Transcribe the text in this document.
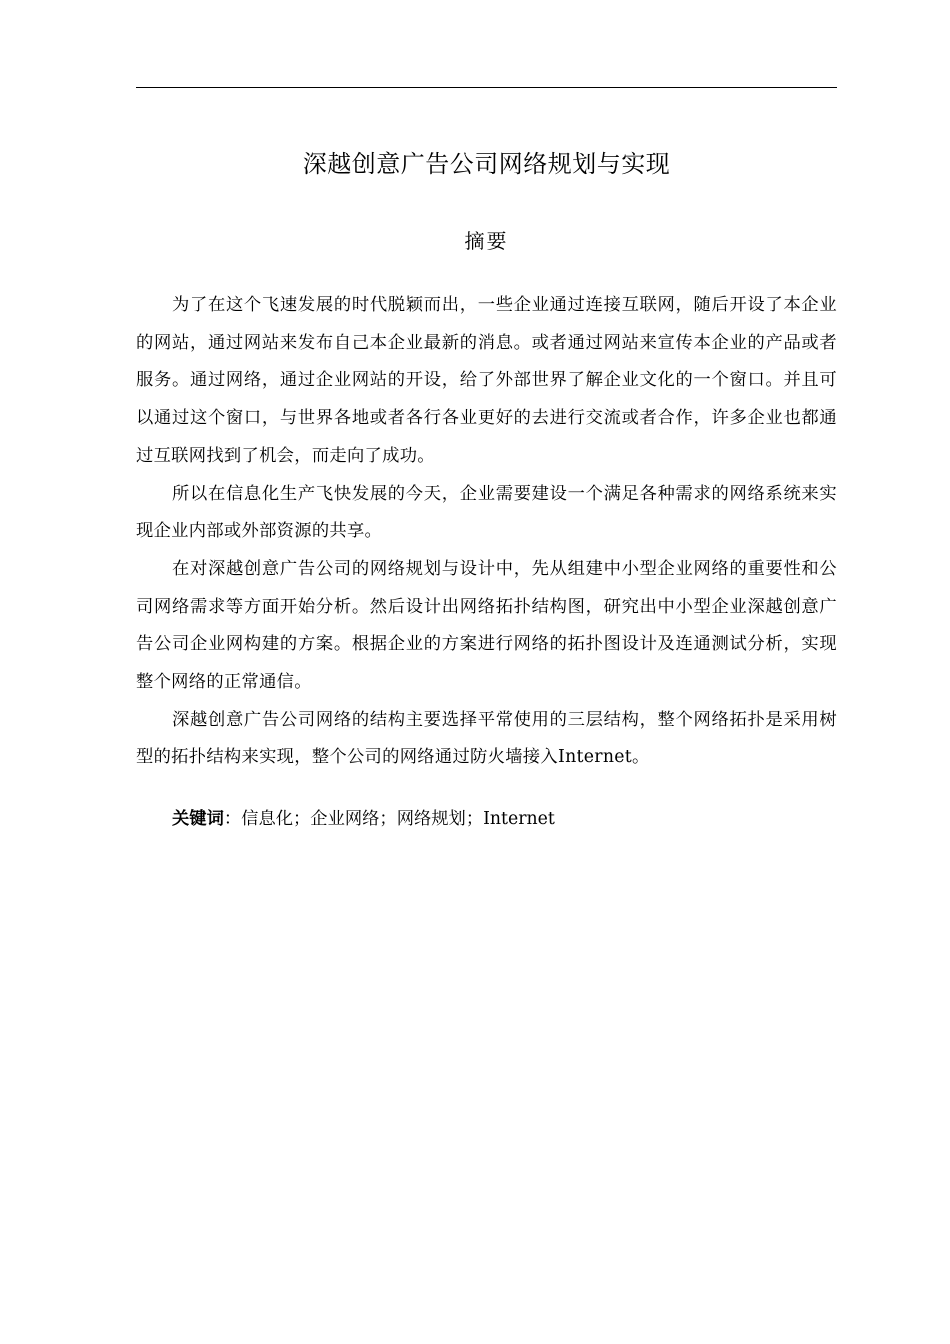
深越创意广告公司网络规划与实现
摘要

为了在这个飞速发展的时代脱颖而出，一些企业通过连接互联网，随后开设了本企业的网站，通过网站来发布自己本企业最新的消息。或者通过网站来宣传本企业的产品或者服务。通过网络，通过企业网站的开设，给了外部世界了解企业文化的一个窗口。并且可以通过这个窗口，与世界各地或者各行各业更好的去进行交流或者合作，许多企业也都通过互联网找到了机会，而走向了成功。

所以在信息化生产飞快发展的今天，企业需要建设一个满足各种需求的网络系统来实现企业内部或外部资源的共享。

在对深越创意广告公司的网络规划与设计中，先从组建中小型企业网络的重要性和公司网络需求等方面开始分析。然后设计出网络拓扑结构图，研究出中小型企业深越创意广告公司企业网构建的方案。根据企业的方案进行网络的拓扑图设计及连通测试分析，实现整个网络的正常通信。

深越创意广告公司网络的结构主要选择平常使用的三层结构，整个网络拓扑是采用树型的拓扑结构来实现，整个公司的网络通过防火墙接入Internet。

关键词：信息化；企业网络；网络规划；Internet
